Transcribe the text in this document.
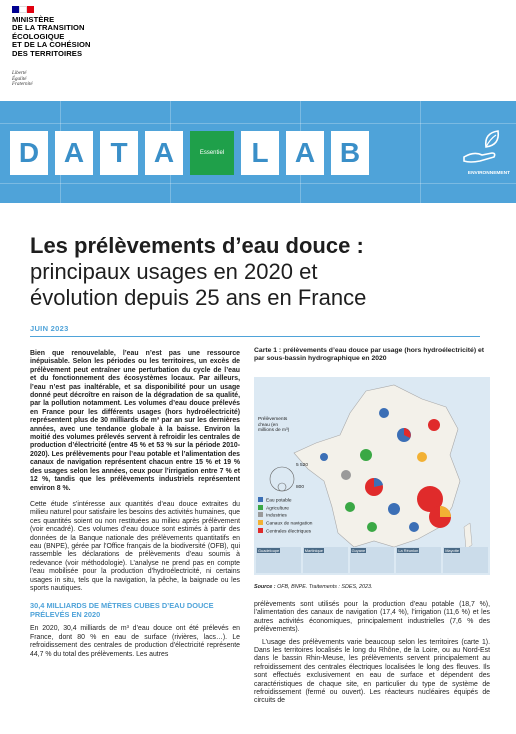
MINISTÈRE
DE LA TRANSITION
ÉCOLOGIQUE
ET DE LA COHÉSION
DES TERRITOIRES
Liberté
Égalité
Fraternité
D A T A	Essentiel L A B
ENVIRONNEMENT
Les prélèvements d’eau douce :
principaux usages en 2020 et
évolution depuis 25 ans en France
JUIN 2023

Bien que renouvelable, l’eau n’est pas une ressource inépuisable. Selon les périodes ou les territoires, un excès de prélèvement peut entraîner une perturbation du cycle de l’eau et du fonctionnement des écosystèmes locaux. Par ailleurs, l’eau n’est pas inaltérable, et sa disponibilité pour un usage donné peut décroître en raison de la dégradation de sa qualité, par la pollution notamment. Les volumes d’eau douce prélevés en France pour les différents usages (hors hydroélectricité) représentent plus de 30 milliards de m³ par an sur les dernières années, avec une tendance globale à la baisse. Environ la moitié des volumes prélevés servent à refroidir les centrales de production d’électricité (entre 45 % et 53 % sur la période 2010-2020). Les prélèvements pour l’eau potable et l’alimentation des canaux de navigation représentent chacun entre 15 % et 19 % des usages selon les années, ceux pour l’irrigation entre 7 % et 12 %, tandis que les prélèvements industriels représentent environ 8 %.

Cette étude s’intéresse aux quantités d’eau douce extraites du milieu naturel pour satisfaire les besoins des activités humaines, que ces quantités soient ou non restituées au milieu après prélèvement (voir encadré). Ces volumes d’eau douce sont estimés à partir des données de la Banque nationale des prélèvements quantitatifs en eau (BNPE), gérée par l’Office français de la biodiversité (OFB), qui rassemble les déclarations de prélèvements d’eau soumis à redevance (voir méthodologie). L’analyse ne prend pas en compte l’eau mobilisée pour la production d’hydroélectricité, ni certains usages in situ, tels que la navigation, la pêche, la baignade ou les sports nautiques.

30,4 MILLIARDS DE MÈTRES CUBES D’EAU DOUCE PRÉLEVÉS EN 2020

En 2020, 30,4 milliards de m³ d’eau douce ont été prélevés en France, dont 80 % en eau de surface (rivières, lacs…). Le refroidissement des centrales de production d’électricité représente 44,7 % du total des prélèvements. Les autres

Carte 1 : prélèvements d’eau douce par usage (hors hydroélectricité) et par sous-bassin hydrographique en 2020
Prélèvements d’eau (en millions de m³)
5 520
800
Eau potable
Agriculture
Industries
Canaux de navigation
Centrales électriques
Guadeloupe	Martinique	Guyane	La Réunion	Mayotte
Source : OFB, BNPE. Traitements : SDES, 2023.

prélèvements sont utilisés pour la production d’eau potable (18,7 %), l’alimentation des canaux de navigation (17,4 %), l’irrigation (11,6 %) et les autres activités économiques, principalement industrielles (7,6 % des prélèvements).

L’usage des prélèvements varie beaucoup selon les territoires (carte 1). Dans les territoires localisés le long du Rhône, de la Loire, ou au Nord-Est dans le bassin Rhin-Meuse, les prélèvements servent principalement au refroidissement des centrales électriques localisées le long des fleuves. Ils sont effectués exclusivement en eau de surface et dépendent des caractéristiques de chaque site, en particulier du type de système de refroidissement (fermé ou ouvert). Les réacteurs nucléaires équipés de circuits de
